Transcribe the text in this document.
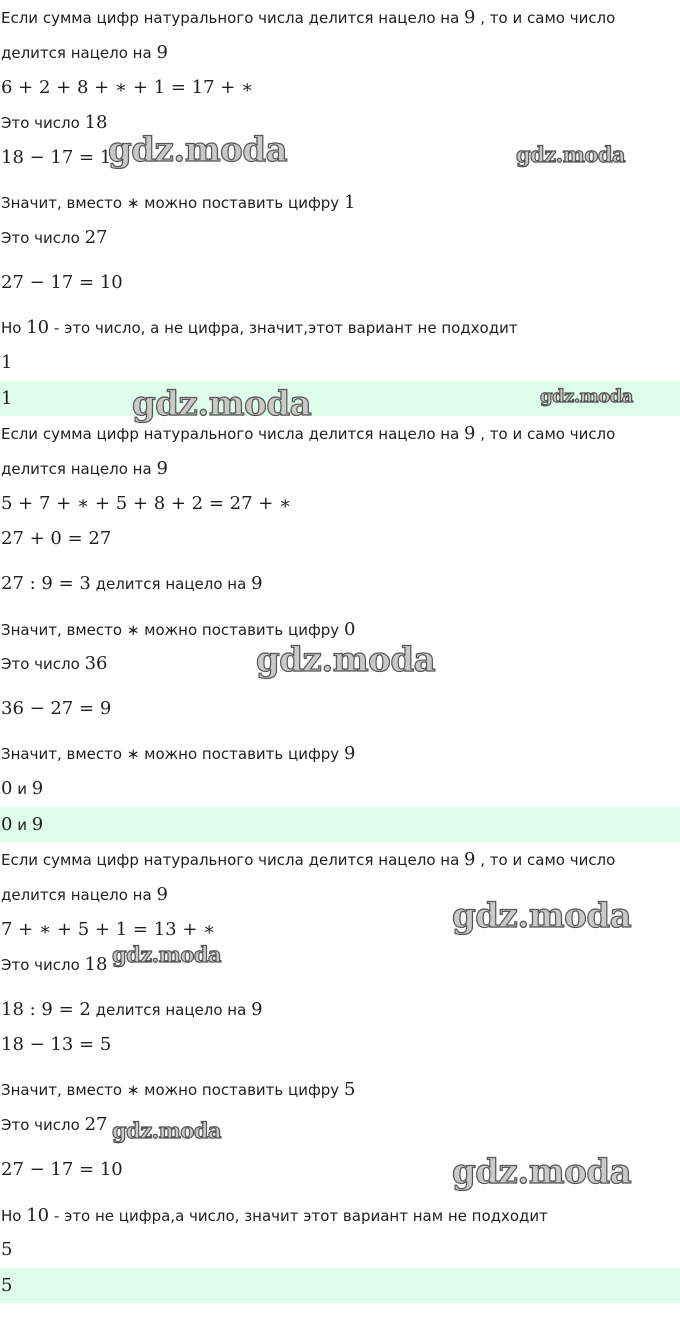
Если сумма цифр натурального числа делится нацело на 9 , то и само число
делится нацело на 9
6 + 2 + 8 + ∗ + 1 = 17 + ∗
Это число 18
18 − 17 = 1
Значит, вместо ∗ можно поставить цифру 1
Это число 27
27 − 17 = 10
Но 10 - это число, а не цифра, значит,этот вариант не подходит
1
1
Если сумма цифр натурального числа делится нацело на 9 , то и само число
делится нацело на 9
5 + 7 + ∗ + 5 + 8 + 2 = 27 + ∗
27 + 0 = 27
27 : 9 = 3 делится нацело на 9
Значит, вместо ∗ можно поставить цифру 0
Это число 36
36 − 27 = 9
Значит, вместо ∗ можно поставить цифру 9
0 и 9
0 и 9
Если сумма цифр натурального числа делится нацело на 9 , то и само число
делится нацело на 9
7 + ∗ + 5 + 1 = 13 + ∗
Это число 18
18 : 9 = 2 делится нацело на 9
18 − 13 = 5
Значит, вместо ∗ можно поставить цифру 5
Это число 27
27 − 17 = 10
Но 10 - это не цифра,а число, значит этот вариант нам не подходит
5
5
gdz.moda	gdz.moda
gdz.moda	gdz.moda
gdz.moda
gdz.moda
gdz.moda
gdz.moda
gdz.moda
